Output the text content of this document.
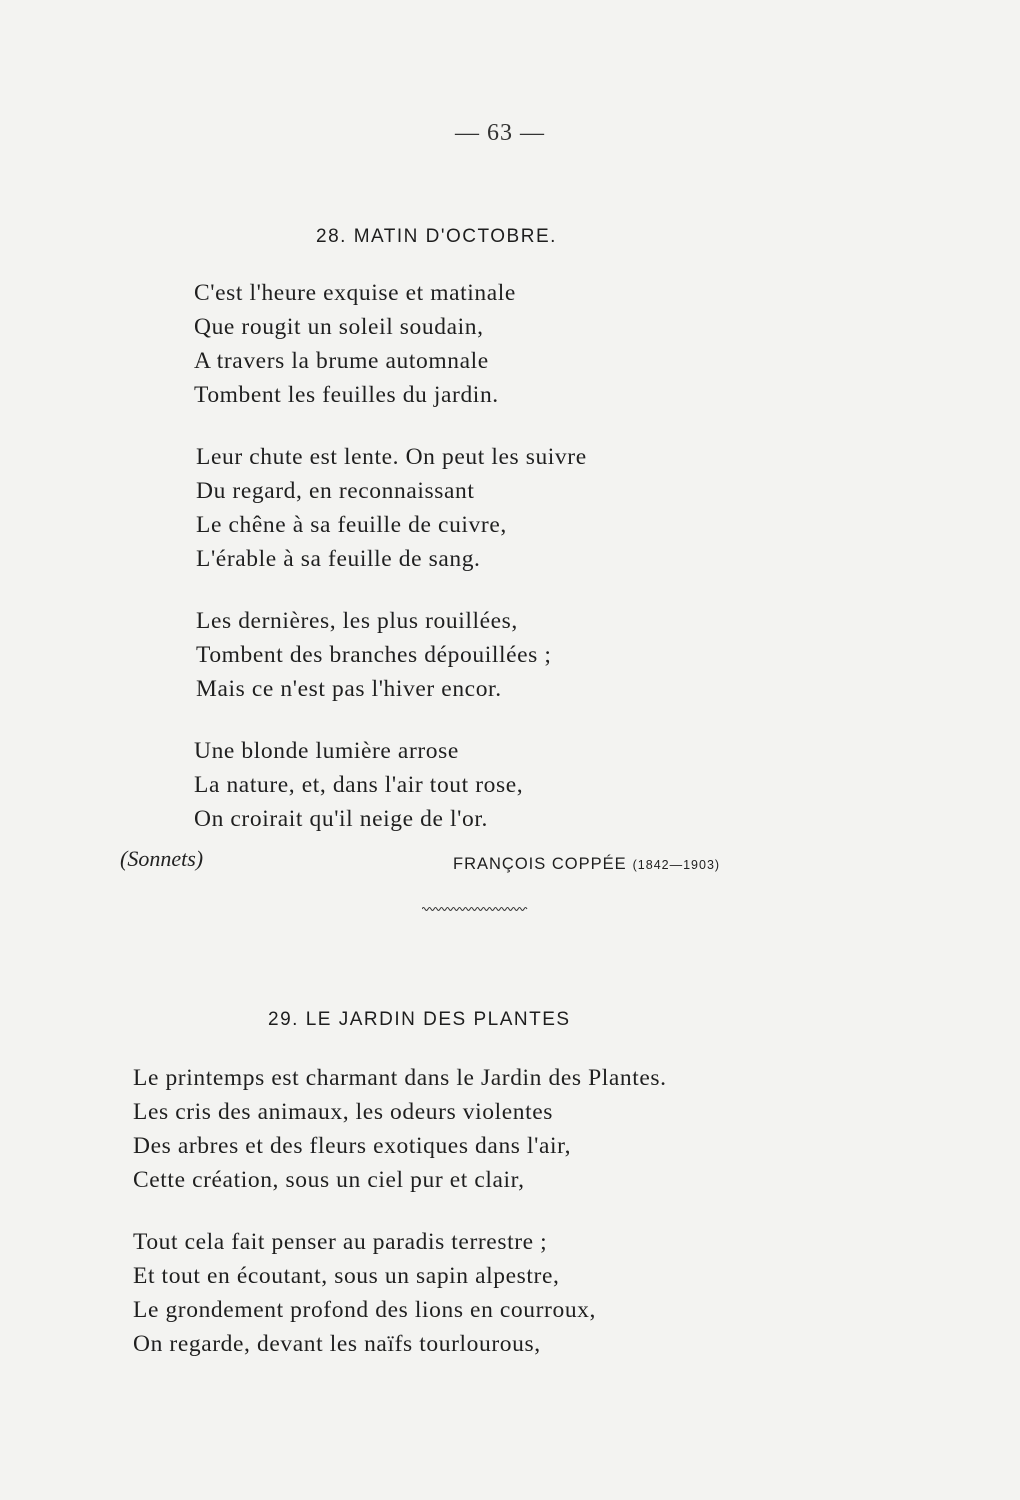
— 63 —
28. MATIN D'OCTOBRE.
C'est l'heure exquise et matinale
Que rougit un soleil soudain,
A travers la brume automnale
Tombent les feuilles du jardin.
Leur chute est lente. On peut les suivre
Du regard, en reconnaissant
Le chêne à sa feuille de cuivre,
L'érable à sa feuille de sang.
Les dernières, les plus rouillées,
Tombent des branches dépouillées ;
Mais ce n'est pas l'hiver encor.
Une blonde lumière arrose
La nature, et, dans l'air tout rose,
On croirait qu'il neige de l'or.
(Sonnets)	FRANÇOIS COPPÉE (1842—1903)
29. LE JARDIN DES PLANTES
Le printemps est charmant dans le Jardin des Plantes.
Les cris des animaux, les odeurs violentes
Des arbres et des fleurs exotiques dans l'air,
Cette création, sous un ciel pur et clair,
Tout cela fait penser au paradis terrestre ;
Et tout en écoutant, sous un sapin alpestre,
Le grondement profond des lions en courroux,
On regarde, devant les naïfs tourlourous,
